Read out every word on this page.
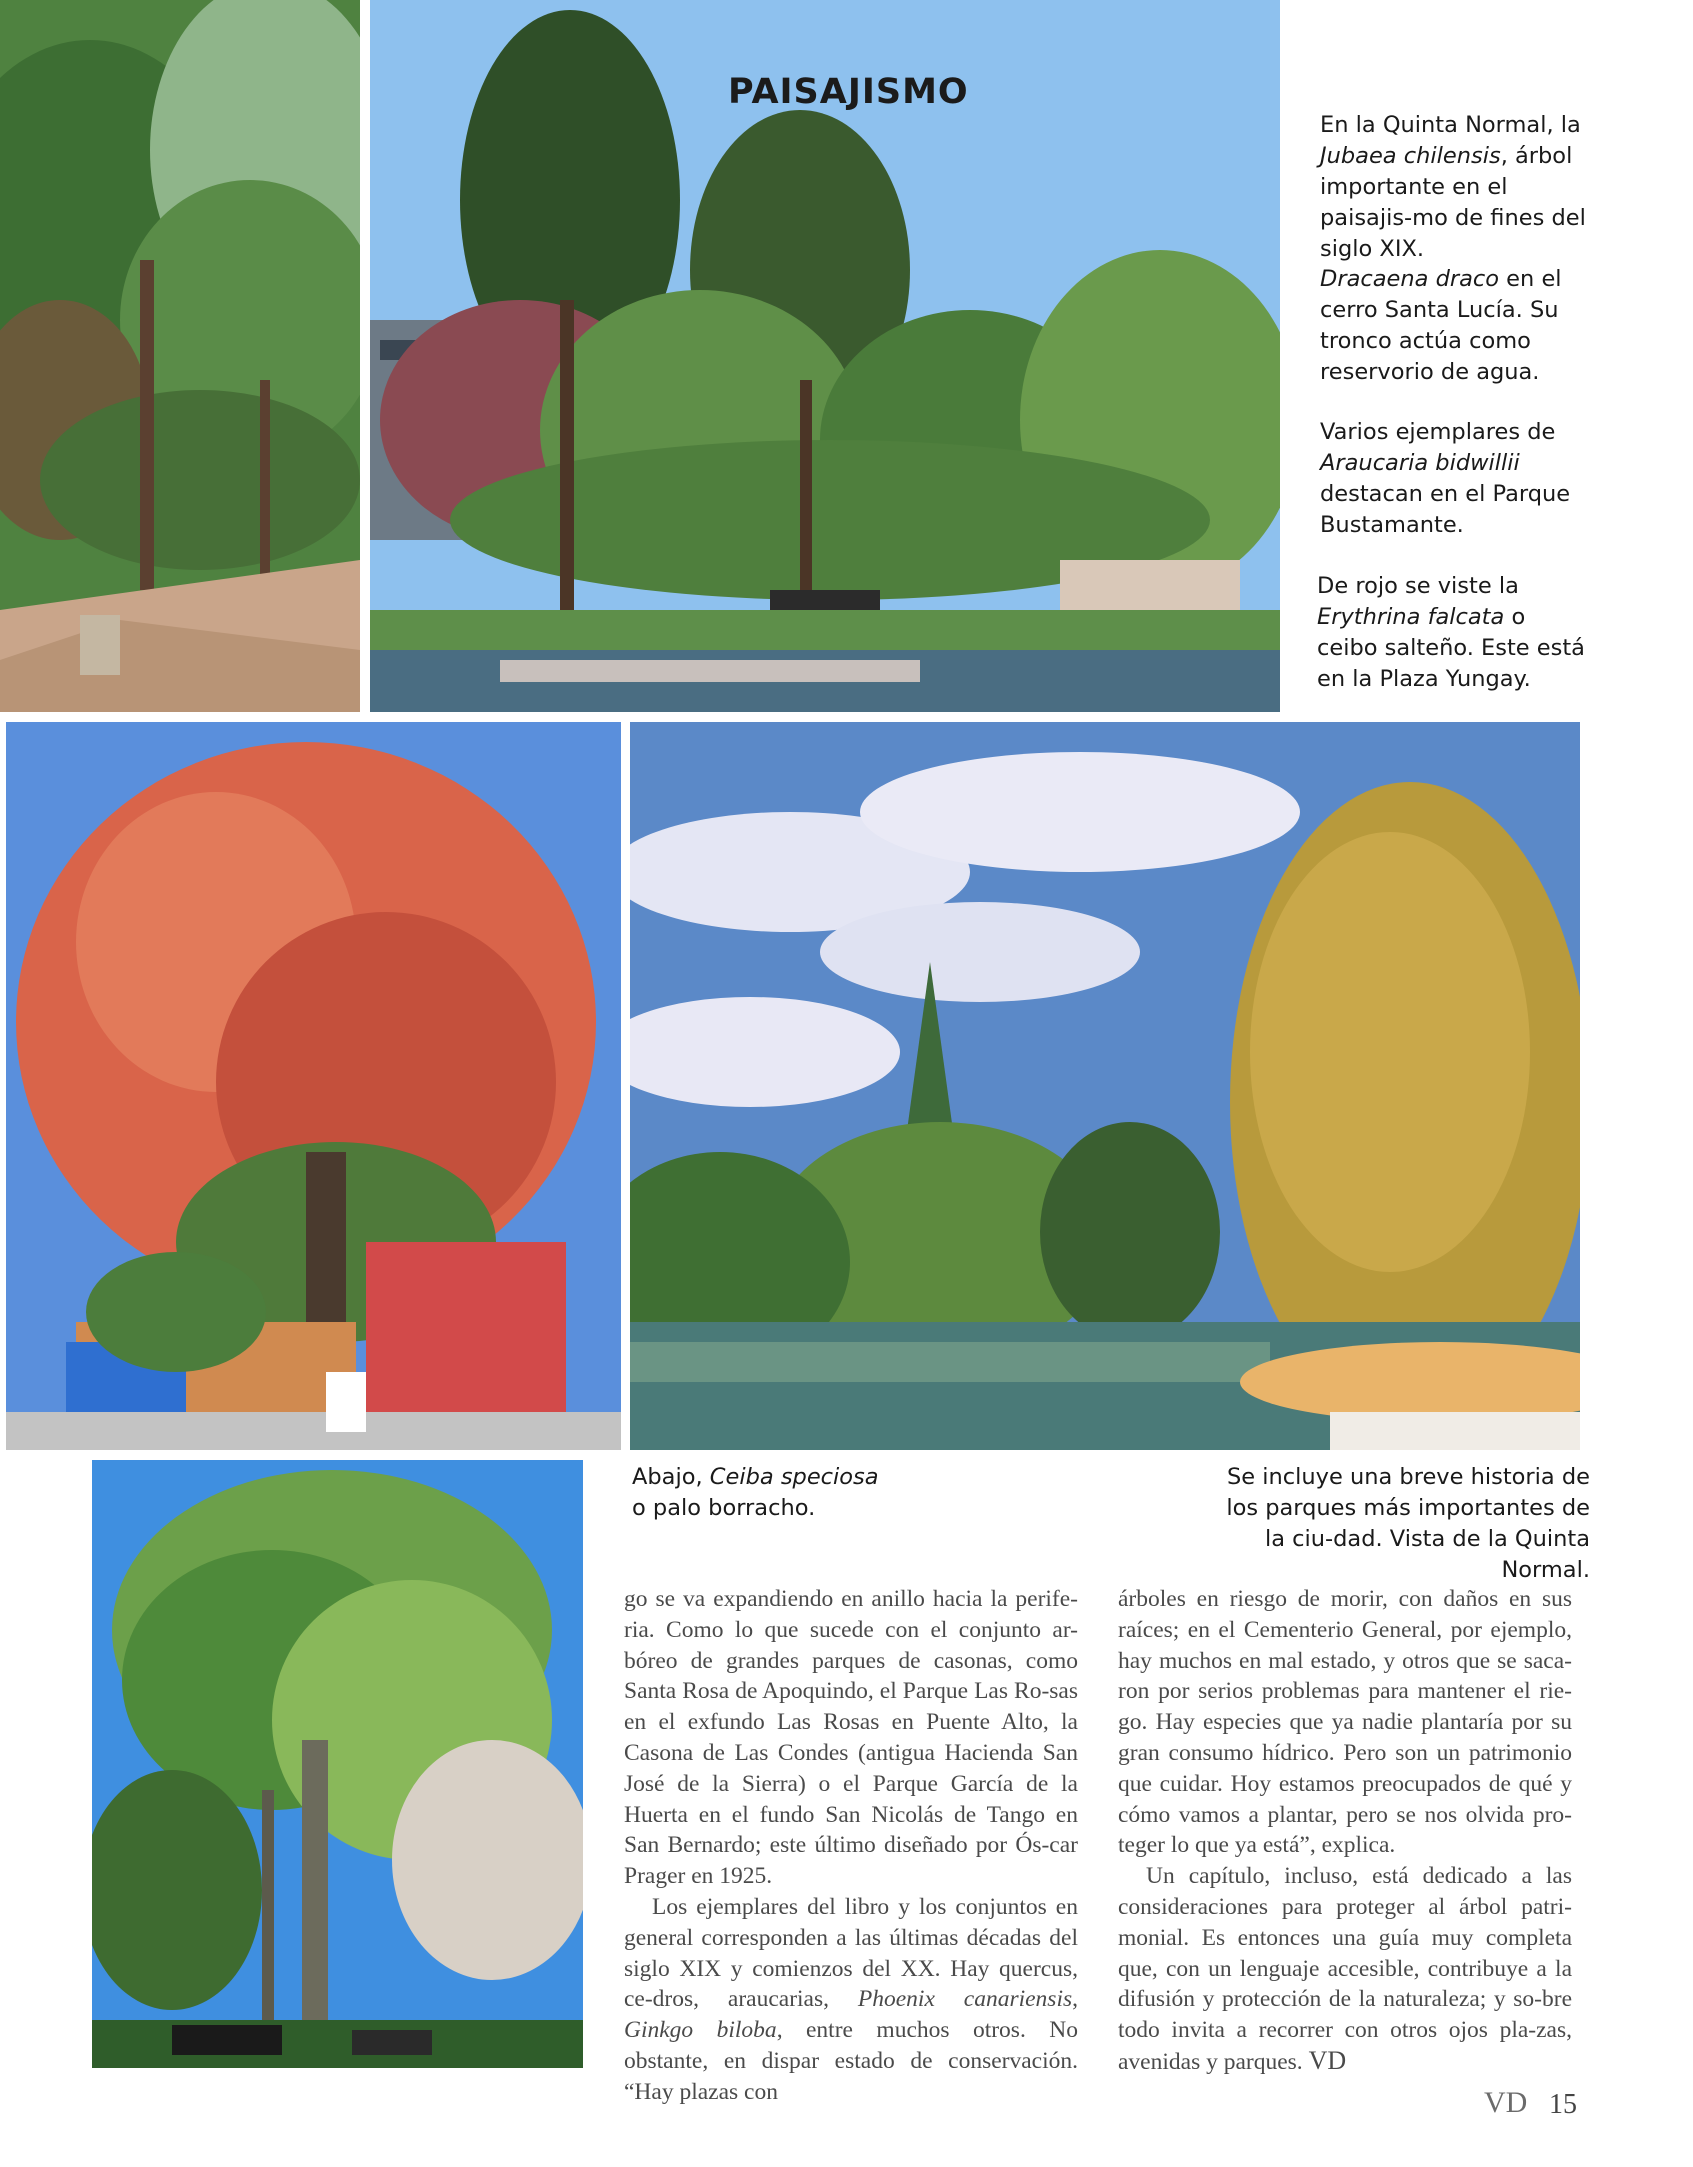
PAISAJISMO

En la Quinta Normal, la Jubaea chilensis, árbol importante en el paisajis-mo de fines del siglo XIX.

Dracaena draco en el cerro Santa Lucía. Su tronco actúa como reservorio de agua.

Varios ejemplares de Araucaria bidwillii destacan en el Parque Bustamante.

De rojo se viste la Erythrina falcata o ceibo salteño. Este está en la Plaza Yungay.

Abajo, Ceiba speciosa o palo borracho.

Se incluye una breve historia de los parques más importantes de la ciu-dad. Vista de la Quinta Normal.

go se va expandiendo en anillo hacia la perife-ria. Como lo que sucede con el conjunto ar-bóreo de grandes parques de casonas, como Santa Rosa de Apoquindo, el Parque Las Ro-sas en el exfundo Las Rosas en Puente Alto, la Casona de Las Condes (antigua Hacienda San José de la Sierra) o el Parque García de la Huerta en el fundo San Nicolás de Tango en San Bernardo; este último diseñado por Ós-car Prager en 1925.

Los ejemplares del libro y los conjuntos en general corresponden a las últimas décadas del siglo XIX y comienzos del XX. Hay quercus, ce-dros, araucarias, Phoenix canariensis, Ginkgo biloba, entre muchos otros. No obstante, en dispar estado de conservación. “Hay plazas con

árboles en riesgo de morir, con daños en sus raíces; en el Cementerio General, por ejemplo, hay muchos en mal estado, y otros que se saca-ron por serios problemas para mantener el rie-go. Hay especies que ya nadie plantaría por su gran consumo hídrico. Pero son un patrimonio que cuidar. Hoy estamos preocupados de qué y cómo vamos a plantar, pero se nos olvida pro-teger lo que ya está”, explica.

Un capítulo, incluso, está dedicado a las consideraciones para proteger al árbol patri-monial. Es entonces una guía muy completa que, con un lenguaje accesible, contribuye a la difusión y protección de la naturaleza; y so-bre todo invita a recorrer con otros ojos pla-zas, avenidas y parques. VD

VD 15
